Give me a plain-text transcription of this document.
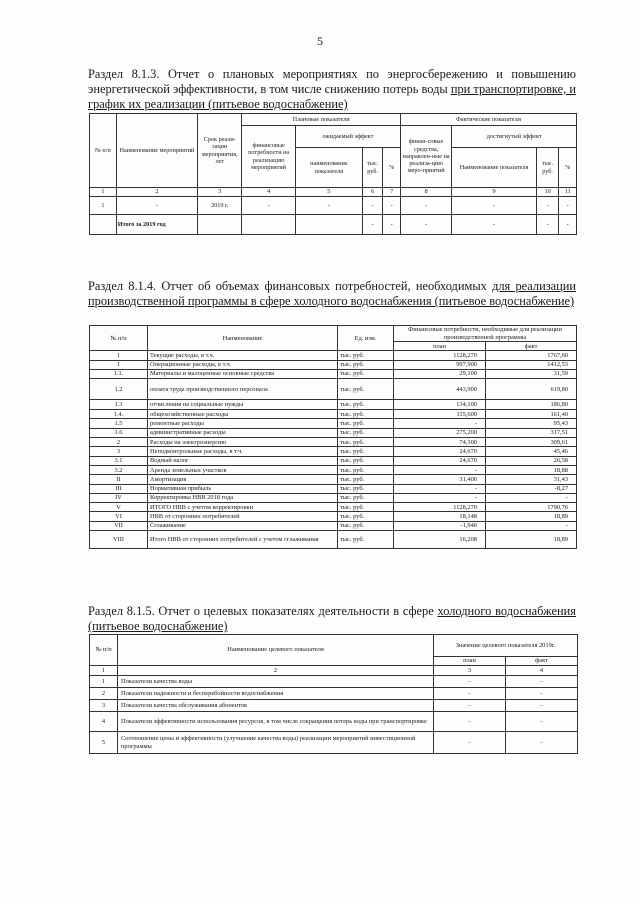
5
Раздел 8.1.3. Отчет о плановых мероприятиях по энергосбережению и повышению энергетической эффективности, в том числе снижению потерь воды при транспортировке, и график их реализации (питьевое водоснабжение)
№ п/п	Наименование мероприятий	Срок реали-зации мероприятия, лет	Плановые показатели				Фактические показатели			
			финансовые потребности на реализацию мероприятий	ожидаемый эффект			финан-совые средства, направлен-ные на реализа-цию меро-приятий	достигнутый эффект		
				наименование показателя	тыс. руб.	%		Наименование показателя	тыс. руб.	%
1	2	3	4	5	6	7	8	9	10	11
1	-	2019 г.	-	-	-	-	-	-	-	-
	Итого за 2019 год				-	-	-	-	-	-
Раздел 8.1.4. Отчет об объемах финансовых потребностей, необходимых для реализации производственной программы в сфере холодного водоснабжения (питьевое водоснабжение)
№ п/п	Наименование	Ед. изм.	Финансовые потребности, необходимые для реализации производственной программы	
			план	факт
1	Текущие расходы, в т.ч.	тыс. руб.	1128,270	1767,60
1	Операционные расходы, в т.ч.	тыс. руб.	997,900	1412,53
1.1.	Материалы и малоценные основные средства	тыс. руб.	29,100	31,59
1.2	оплата труда производственного персонала	тыс. руб.	443,900	619,80
1.3	отчисления на социальные нужды	тыс. руб.	134,100	186,80
1.4.	общехозяйственные расходы	тыс. руб.	115,600	161,40
1.5	ремонтные расходы	тыс. руб.	-	95,43
1.6	административные расходы	тыс. руб.	275,200	317,51
2	Расходы на электроэнергию	тыс. руб.	74,300	309,61
3	Неподконтрольные расходы, в т.ч.	тыс. руб.	24,670	45,46
3.1	Водный налог	тыс. руб.	24,670	26,58
3.2	Аренда земельных участков	тыс. руб.	-	18,88
II	Амортизация	тыс. руб.	31,400	31,43
III	Нормативная прибыль	тыс. руб.	-	-8,27
IV	Корректировка НВВ 2018 года	тыс. руб.	-	-
V	ИТОГО НВВ с учетом корректировки	тыс. руб.	1128,270	1790,76
VI	НВВ от сторонних потребителей	тыс. руб.	18,148	18,89
VII	Сглаживание	тыс. руб.	-1,940	-
VIII	Итого НВВ от сторонних потребителей с учетом сглаживания	тыс. руб.	16,208	18,89
Раздел 8.1.5. Отчет о целевых показателях деятельности в сфере холодного водоснабжения (питьевое водоснабжение)
№ п/п	Наименование целевого показателя	Значение целевого показателя 2019г.	
		план	факт
1	2	3	4
1	Показатели качества воды	-	-
2	Показатели надежности и бесперебойности водоснабжения	-	-
3	Показатели качества обслуживания абонентов	-	-
4	Показатели эффективности использования ресурсов, в том числе сокращения потерь воды при транспортировке	-	-
5	Соотношение цены и эффективности (улучшение качества воды) реализации мероприятий инвестиционной программы	-	-
